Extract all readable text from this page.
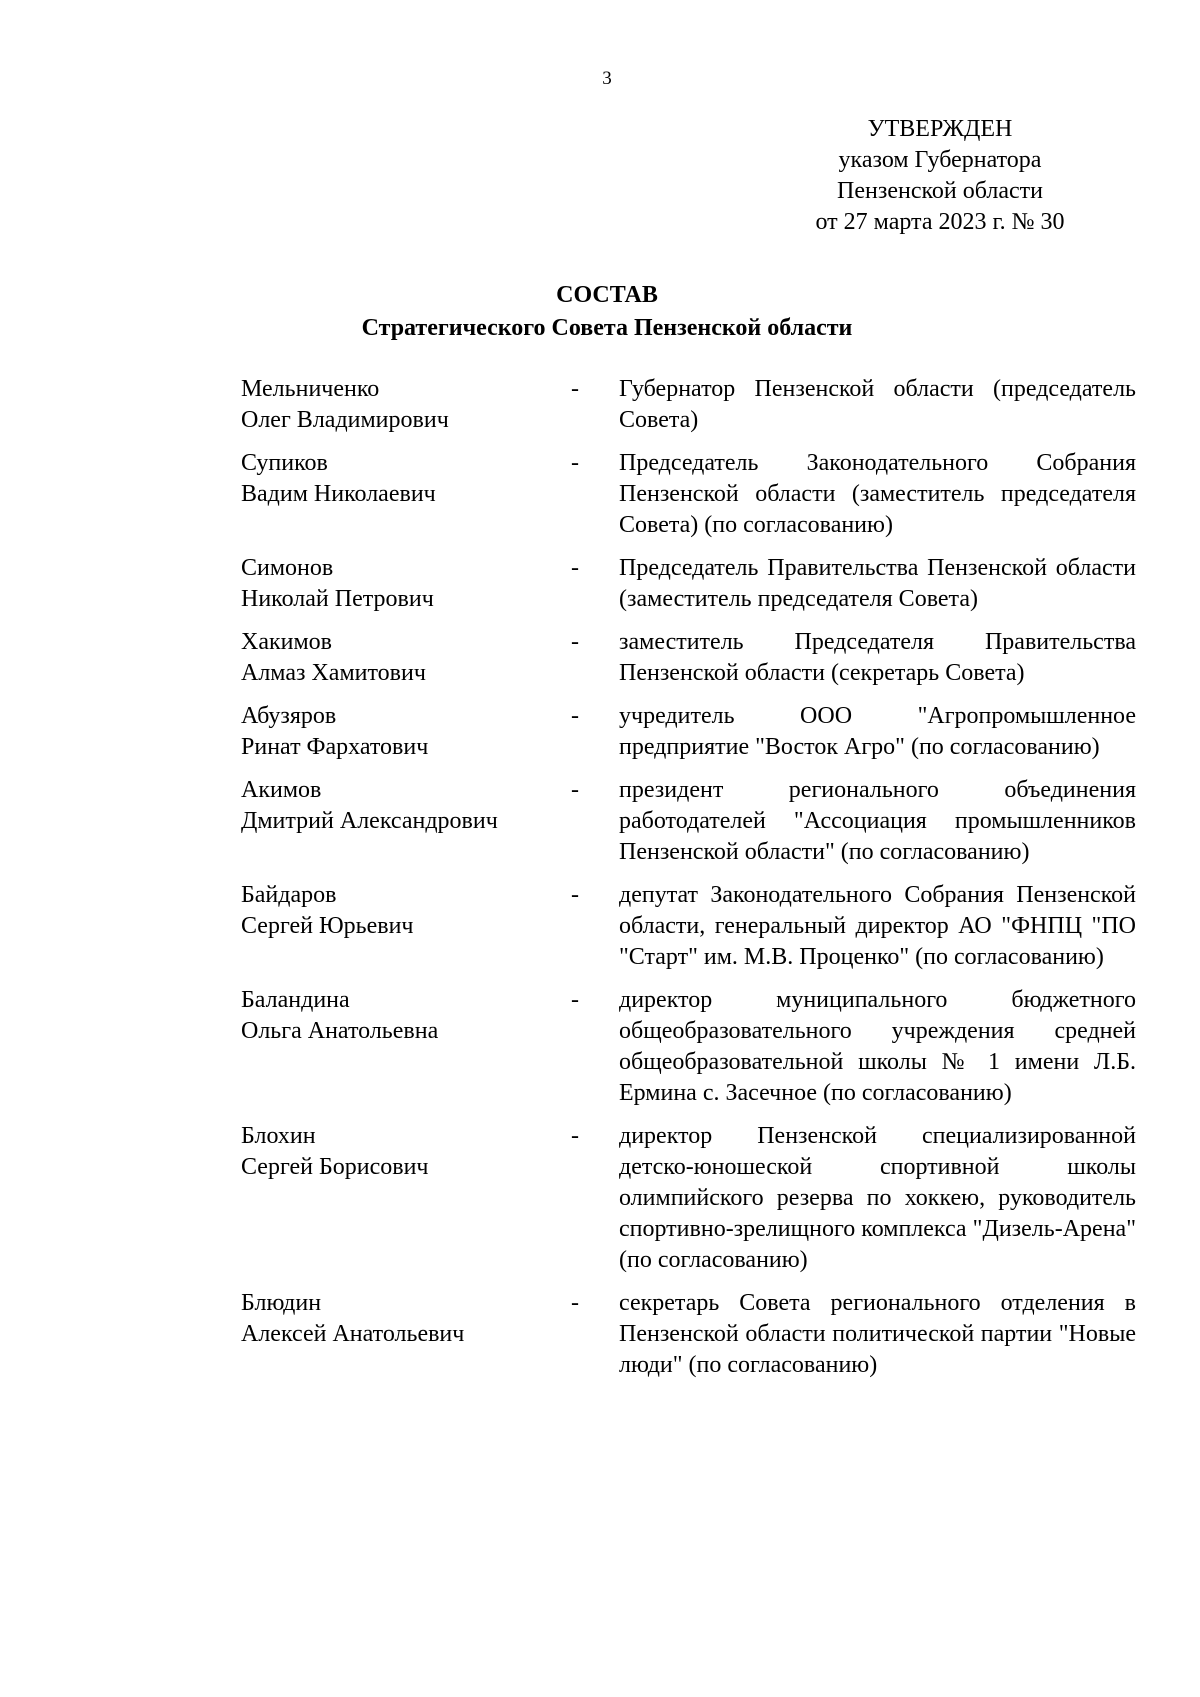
3
УТВЕРЖДЕН
указом Губернатора
Пензенской области
от 27 марта 2023 г. № 30
СОСТАВ
Стратегического Совета Пензенской области
Мельниченко
Олег Владимирович
-	Губернатор Пензенской области (председатель Совета)
Супиков
Вадим Николаевич
-	Председатель Законодательного Собрания Пензенской области (заместитель председателя Совета) (по согласованию)
Симонов
Николай Петрович
-	Председатель Правительства Пензенской области (заместитель председателя Совета)
Хакимов
Алмаз Хамитович
-	заместитель Председателя Правительства Пензенской области (секретарь Совета)
Абузяров
Ринат Фархатович
-	учредитель ООО "Агропромышленное предприятие "Восток Агро" (по согласованию)
Акимов
Дмитрий Александрович
-	президент регионального объединения работодателей "Ассоциация промышленников Пензенской области" (по согласованию)
Байдаров
Сергей Юрьевич
-	депутат Законодательного Собрания Пензенской области, генеральный директор АО "ФНПЦ "ПО "Старт" им. М.В. Проценко" (по согласованию)
Баландина
Ольга Анатольевна
-	директор муниципального бюджетного общеобразовательного учреждения средней общеобразовательной школы № 1 имени Л.Б. Ермина с. Засечное (по согласованию)
Блохин
Сергей Борисович
-	директор Пензенской специализированной детско-юношеской спортивной школы олимпийского резерва по хоккею, руководитель спортивно-зрелищного комплекса "Дизель-Арена" (по согласованию)
Блюдин
Алексей Анатольевич
-	секретарь Совета регионального отделения в Пензенской области политической партии "Новые люди" (по согласованию)
